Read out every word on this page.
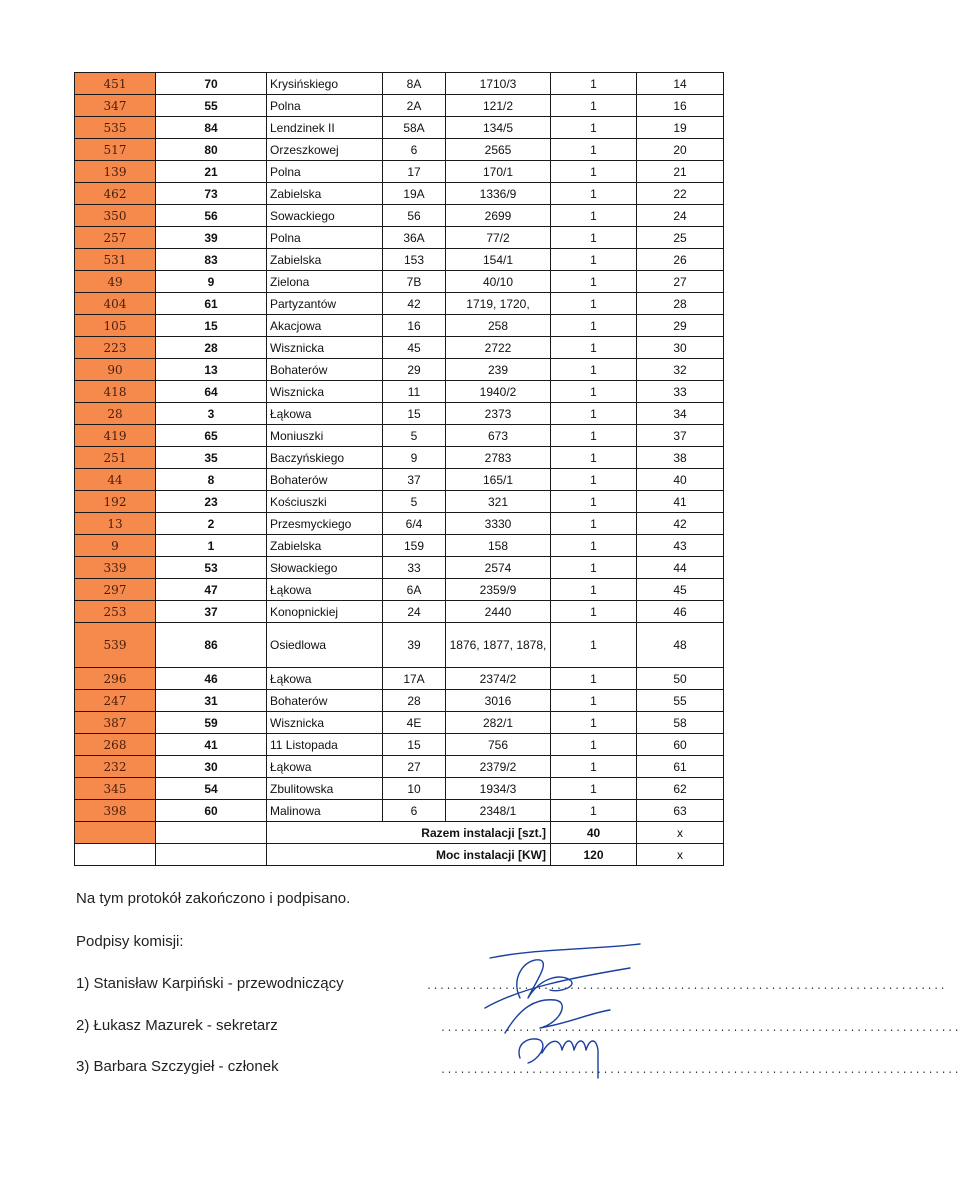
451	70	Krysińskiego	8A	1710/3	1	14
347	55	Polna	2A	121/2	1	16
535	84	Lendzinek II	58A	134/5	1	19
517	80	Orzeszkowej	6	2565	1	20
139	21	Polna	17	170/1	1	21
462	73	Zabielska	19A	1336/9	1	22
350	56	Sowackiego	56	2699	1	24
257	39	Polna	36A	77/2	1	25
531	83	Zabielska	153	154/1	1	26
49	9	Zielona	7B	40/10	1	27
404	61	Partyzantów	42	1719, 1720,	1	28
105	15	Akacjowa	16	258	1	29
223	28	Wisznicka	45	2722	1	30
90	13	Bohaterów	29	239	1	32
418	64	Wisznicka	11	1940/2	1	33
28	3	Łąkowa	15	2373	1	34
419	65	Moniuszki	5	673	1	37
251	35	Baczyńskiego	9	2783	1	38
44	8	Bohaterów	37	165/1	1	40
192	23	Kościuszki	5	321	1	41
13	2	Przesmyckiego	6/4	3330	1	42
9	1	Zabielska	159	158	1	43
339	53	Słowackiego	33	2574	1	44
297	47	Łąkowa	6A	2359/9	1	45
253	37	Konopnickiej	24	2440	1	46
539	86	Osiedlowa	39	1876, 1877, 1878,	1	48
296	46	Łąkowa	17A	2374/2	1	50
247	31	Bohaterów	28	3016	1	55
387	59	Wisznicka	4E	282/1	1	58
268	41	11 Listopada	15	756	1	60
232	30	Łąkowa	27	2379/2	1	61
345	54	Zbulitowska	10	1934/3	1	62
398	60	Malinowa	6	2348/1	1	63
		Razem instalacji [szt.]			40	x
		Moc instalacji [KW]			120	x
Na tym protokół zakończono i podpisano.
Podpisy komisji:
1) Stanisław Karpiński - przewodniczący
2) Łukasz Mazurek - sekretarz
3) Barbara Szczygieł - członek
................................................................................
................................................................................
................................................................................
